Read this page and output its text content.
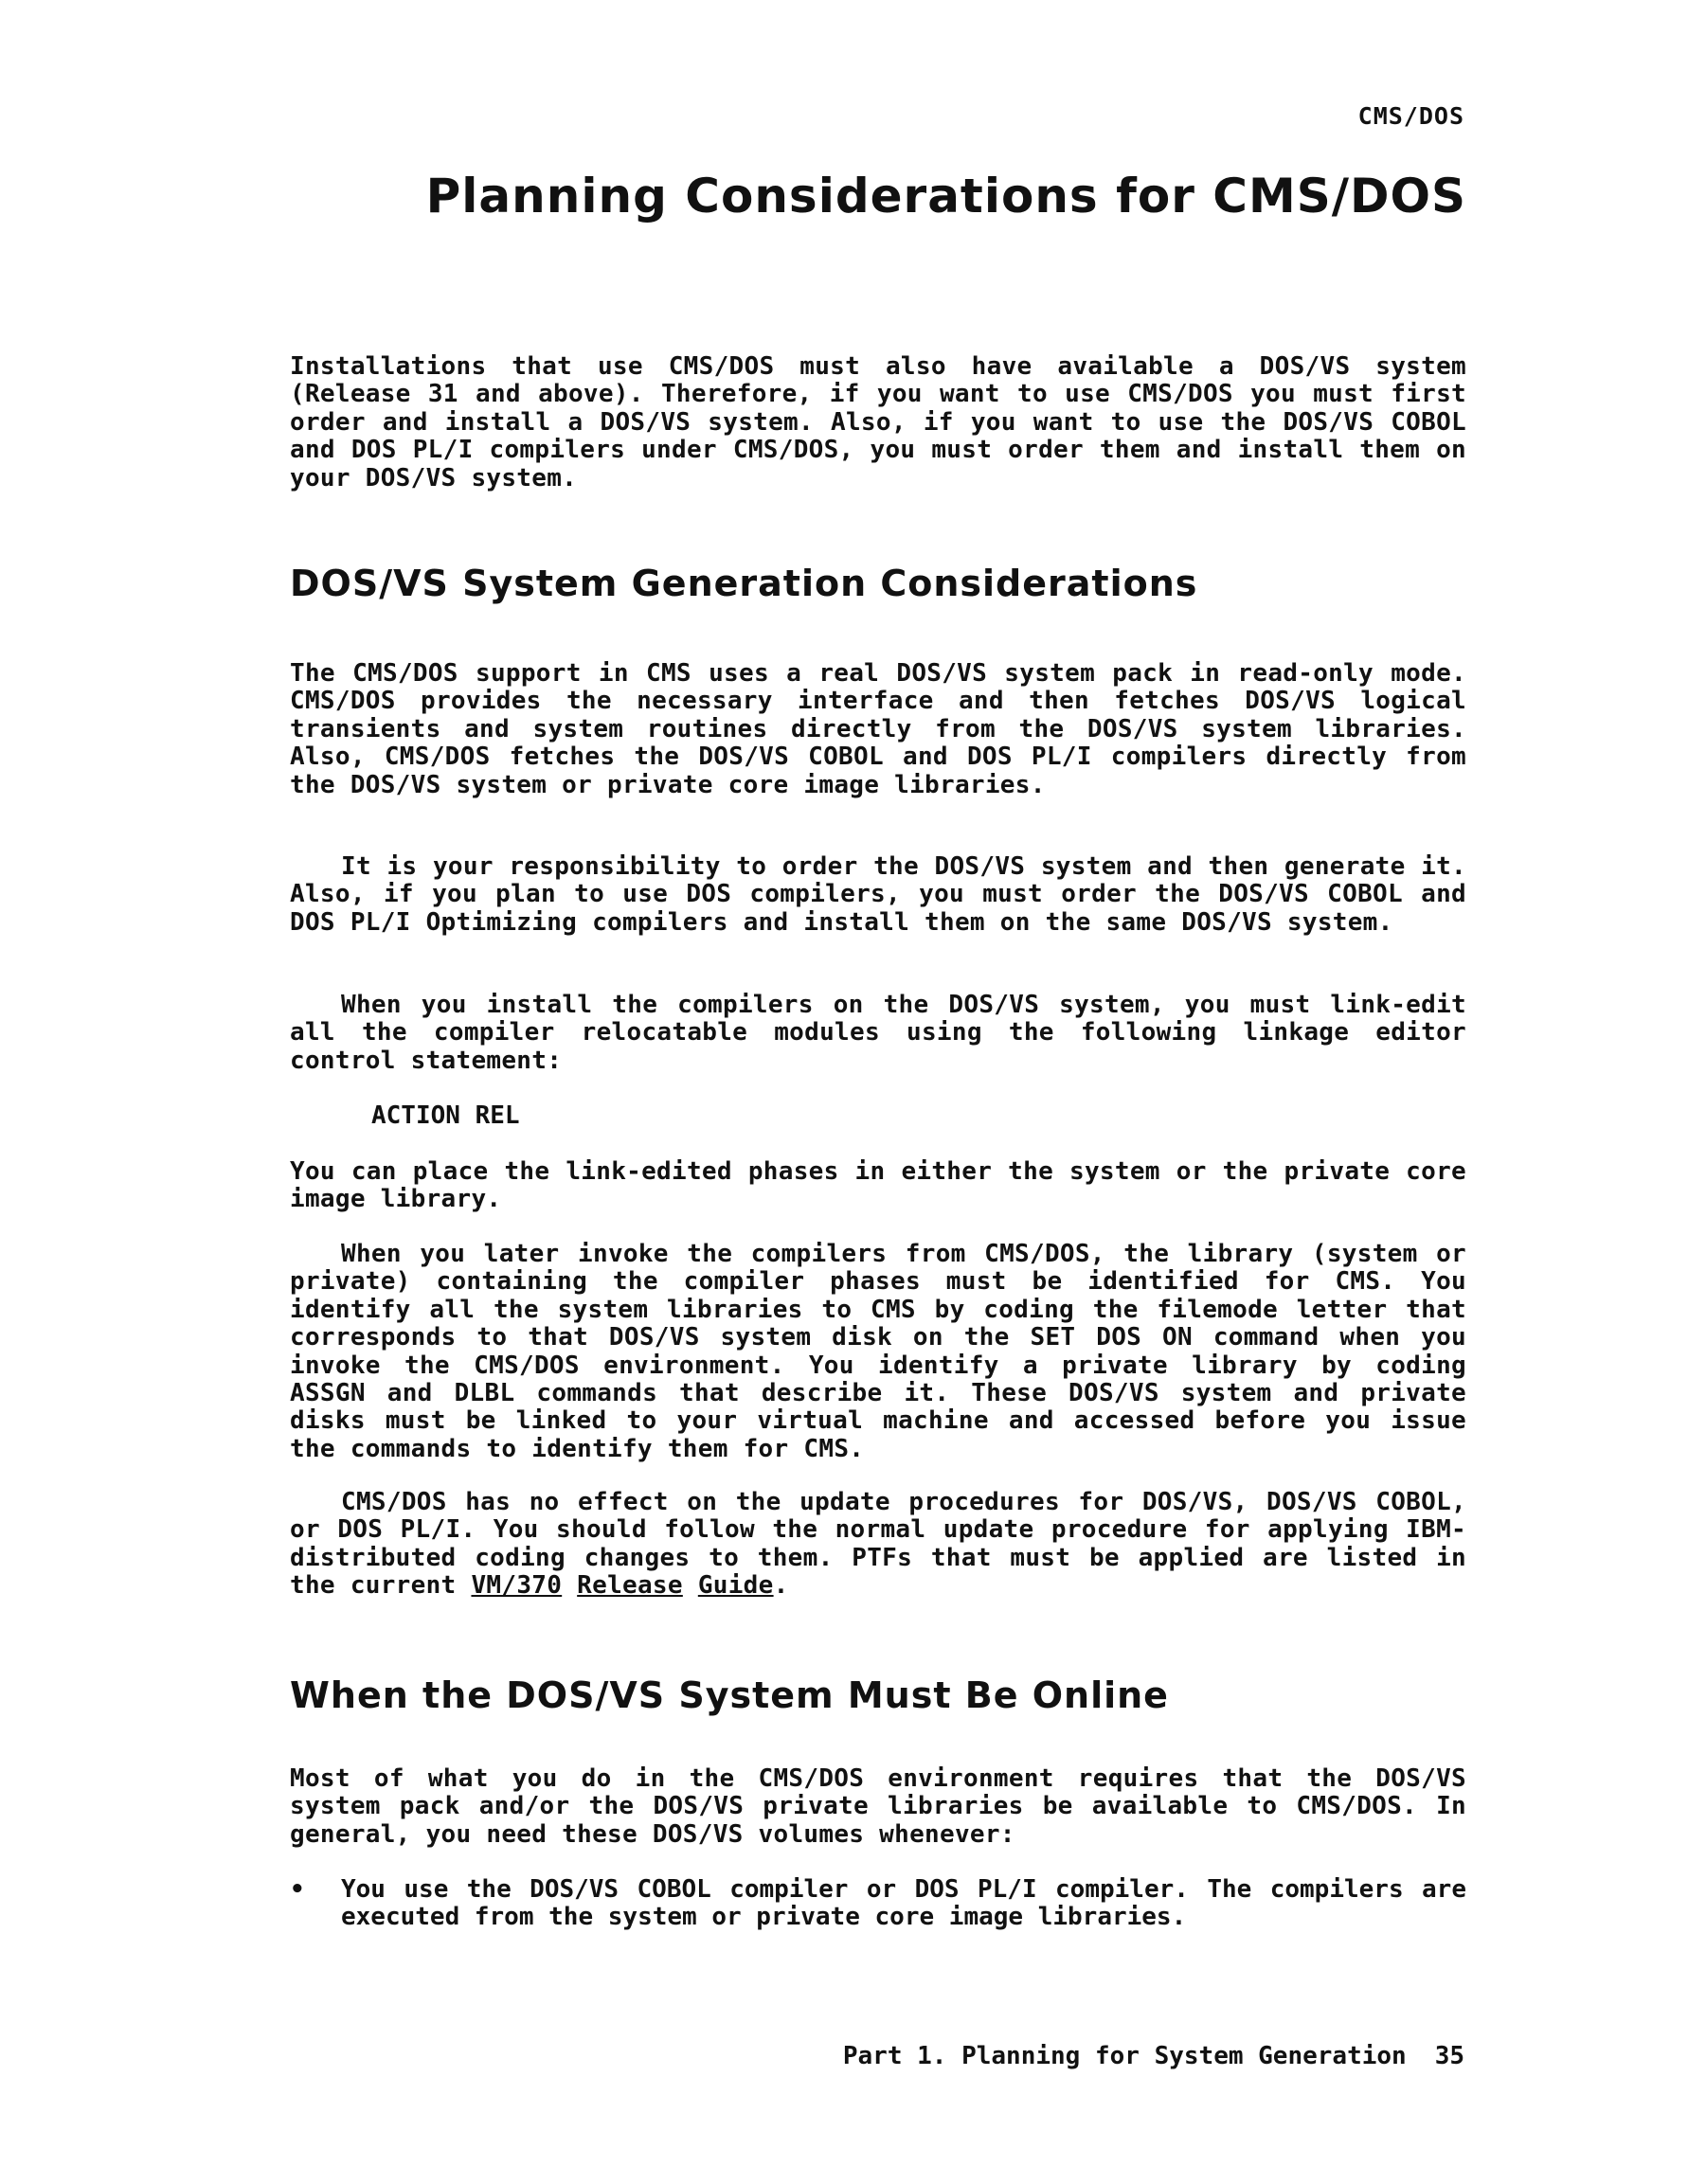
CMS/DOS
Planning Considerations for CMS/DOS

Installations that use CMS/DOS must also have available a DOS/VS system (Release 31 and above). Therefore, if you want to use CMS/DOS you must first order and install a DOS/VS system. Also, if you want to use the DOS/VS COBOL and DOS PL/I compilers under CMS/DOS, you must order them and install them on your DOS/VS system.

DOS/VS System Generation Considerations

The CMS/DOS support in CMS uses a real DOS/VS system pack in read-only mode. CMS/DOS provides the necessary interface and then fetches DOS/VS logical transients and system routines directly from the DOS/VS system libraries. Also, CMS/DOS fetches the DOS/VS COBOL and DOS PL/I compilers directly from the DOS/VS system or private core image libraries.

It is your responsibility to order the DOS/VS system and then generate it. Also, if you plan to use DOS compilers, you must order the DOS/VS COBOL and DOS PL/I Optimizing compilers and install them on the same DOS/VS system.

When you install the compilers on the DOS/VS system, you must link-edit all the compiler relocatable modules using the following linkage editor control statement:

ACTION REL

You can place the link-edited phases in either the system or the private core image library.

When you later invoke the compilers from CMS/DOS, the library (system or private) containing the compiler phases must be identified for CMS. You identify all the system libraries to CMS by coding the filemode letter that corresponds to that DOS/VS system disk on the SET DOS ON command when you invoke the CMS/DOS environment. You identify a private library by coding ASSGN and DLBL commands that describe it. These DOS/VS system and private disks must be linked to your virtual machine and accessed before you issue the commands to identify them for CMS.

CMS/DOS has no effect on the update procedures for DOS/VS, DOS/VS COBOL, or DOS PL/I. You should follow the normal update procedure for applying IBM-distributed coding changes to them. PTFs that must be applied are listed in the current VM/370 Release Guide.

When the DOS/VS System Must Be Online

Most of what you do in the CMS/DOS environment requires that the DOS/VS system pack and/or the DOS/VS private libraries be available to CMS/DOS. In general, you need these DOS/VS volumes whenever:

• You use the DOS/VS COBOL compiler or DOS PL/I compiler. The compilers are executed from the system or private core image libraries.
Part 1. Planning for System Generation 35
